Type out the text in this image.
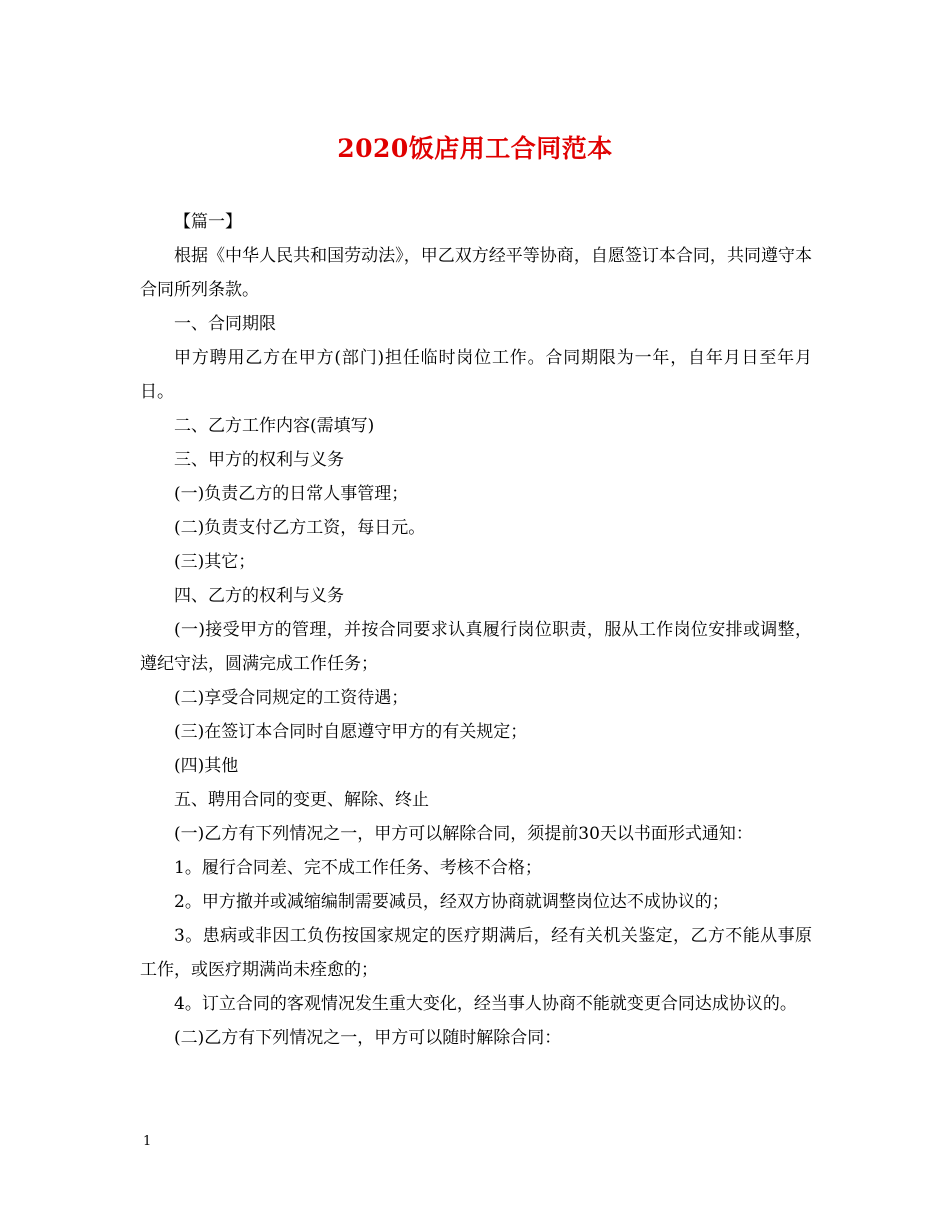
2020饭店用工合同范本

【篇一】

根据《中华人民共和国劳动法》，甲乙双方经平等协商，自愿签订本合同，共同遵守本合同所列条款。

一、合同期限

甲方聘用乙方在甲方(部门)担任临时岗位工作。合同期限为一年，自年月日至年月日。

二、乙方工作内容(需填写)

三、甲方的权利与义务

(一)负责乙方的日常人事管理；

(二)负责支付乙方工资，每日元。

(三)其它；

四、乙方的权利与义务

(一)接受甲方的管理，并按合同要求认真履行岗位职责，服从工作岗位安排或调整，遵纪守法，圆满完成工作任务；

(二)享受合同规定的工资待遇；

(三)在签订本合同时自愿遵守甲方的有关规定；

(四)其他

五、聘用合同的变更、解除、终止

(一)乙方有下列情况之一，甲方可以解除合同，须提前30天以书面形式通知：

1。履行合同差、完不成工作任务、考核不合格；

2。甲方撤并或减缩编制需要减员，经双方协商就调整岗位达不成协议的；

3。患病或非因工负伤按国家规定的医疗期满后，经有关机关鉴定，乙方不能从事原工作，或医疗期满尚未痊愈的；

4。订立合同的客观情况发生重大变化，经当事人协商不能就变更合同达成协议的。

(二)乙方有下列情况之一，甲方可以随时解除合同：

1
